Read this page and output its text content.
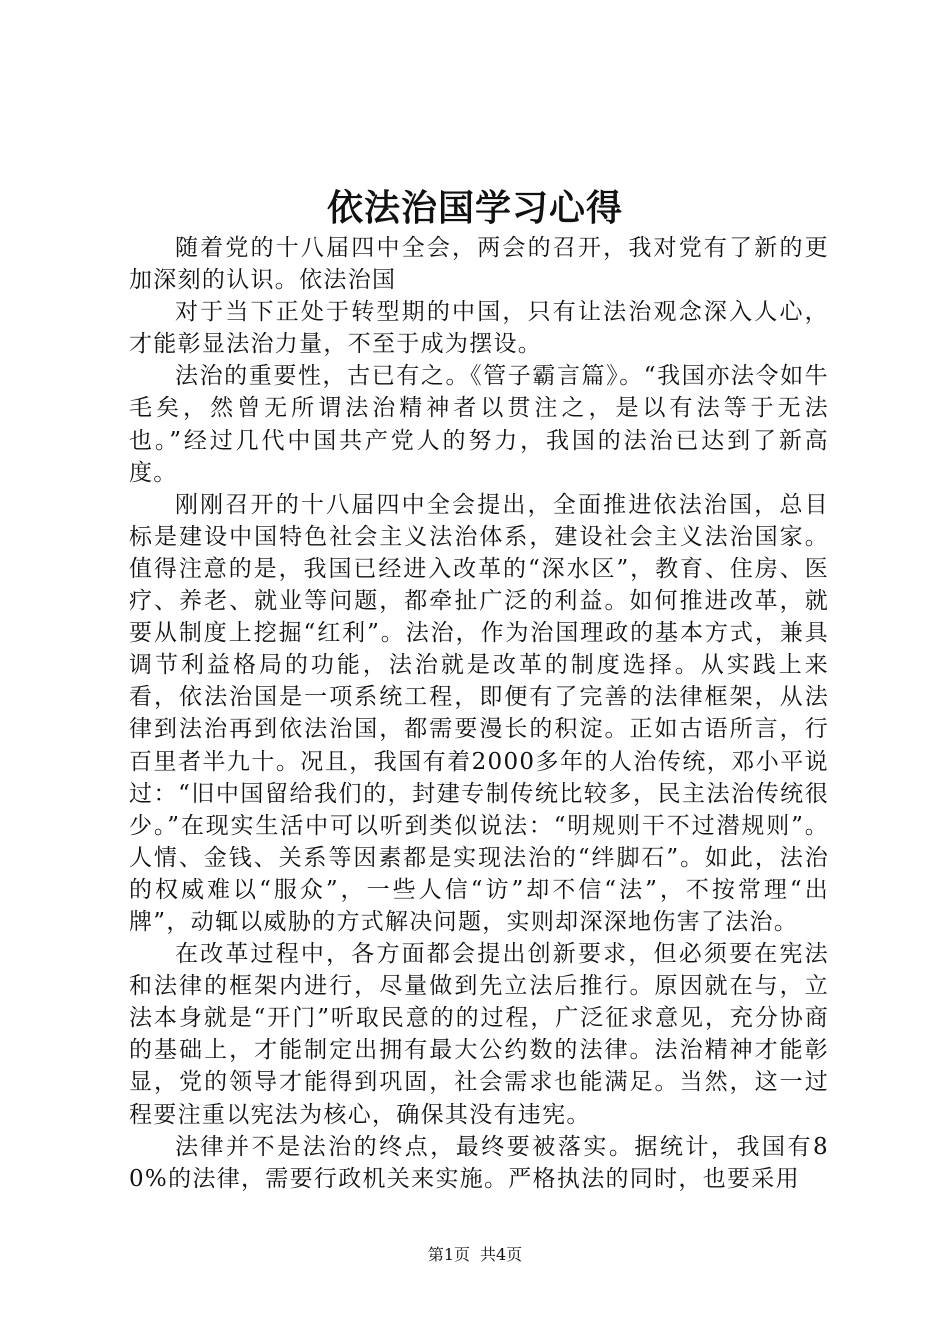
依法治国学习心得

随着党的十八届四中全会，两会的召开，我对党有了新的更加深刻的认识。依法治国

对于当下正处于转型期的中国，只有让法治观念深入人心，才能彰显法治力量，不至于成为摆设。

法治的重要性，古已有之。《管子霸言篇》。“我国亦法令如牛毛矣，然曾无所谓法治精神者以贯注之，是以有法等于无法也。”经过几代中国共产党人的努力，我国的法治已达到了新高度。

刚刚召开的十八届四中全会提出，全面推进依法治国，总目标是建设中国特色社会主义法治体系，建设社会主义法治国家。值得注意的是，我国已经进入改革的“深水区”，教育、住房、医疗、养老、就业等问题，都牵扯广泛的利益。如何推进改革，就要从制度上挖掘“红利”。法治，作为治国理政的基本方式，兼具调节利益格局的功能，法治就是改革的制度选择。从实践上来看，依法治国是一项系统工程，即便有了完善的法律框架，从法律到法治再到依法治国，都需要漫长的积淀。正如古语所言，行百里者半九十。况且，我国有着2000多年的人治传统，邓小平说过：“旧中国留给我们的，封建专制传统比较多，民主法治传统很少。”在现实生活中可以听到类似说法：“明规则干不过潜规则”。人情、金钱、关系等因素都是实现法治的“绊脚石”。如此，法治的权威难以“服众”，一些人信“访”却不信“法”，不按常理“出牌”，动辄以威胁的方式解决问题，实则却深深地伤害了法治。

在改革过程中，各方面都会提出创新要求，但必须要在宪法和法律的框架内进行，尽量做到先立法后推行。原因就在与，立法本身就是“开门”听取民意的的过程，广泛征求意见，充分协商的基础上，才能制定出拥有最大公约数的法律。法治精神才能彰显，党的领导才能得到巩固，社会需求也能满足。当然，这一过程要注重以宪法为核心，确保其没有违宪。

法律并不是法治的终点，最终要被落实。据统计，我国有80%的法律，需要行政机关来实施。严格执法的同时，也要采用

第1页 共4页
